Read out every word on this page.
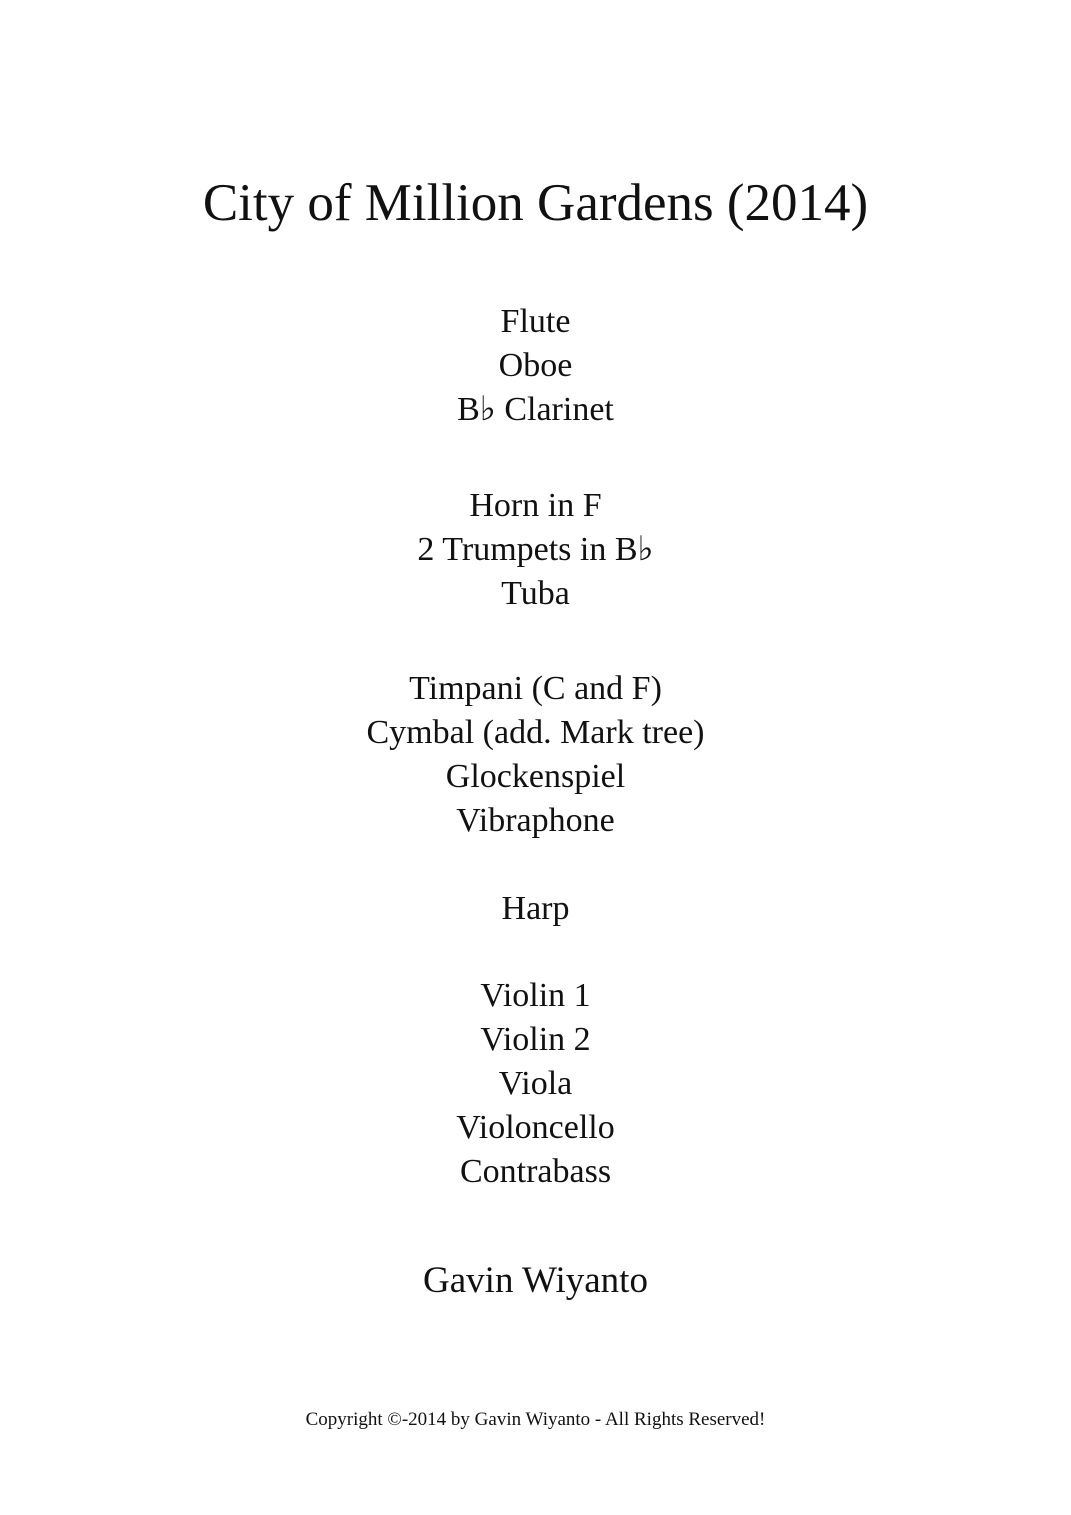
City of Million Gardens (2014)
Flute
Oboe
B♭ Clarinet
Horn in F
2 Trumpets in B♭
Tuba
Timpani (C and F)
Cymbal (add. Mark tree)
Glockenspiel
Vibraphone
Harp
Violin 1
Violin 2
Viola
Violoncello
Contrabass
Gavin Wiyanto
Copyright ©-2014 by Gavin Wiyanto - All Rights Reserved!
